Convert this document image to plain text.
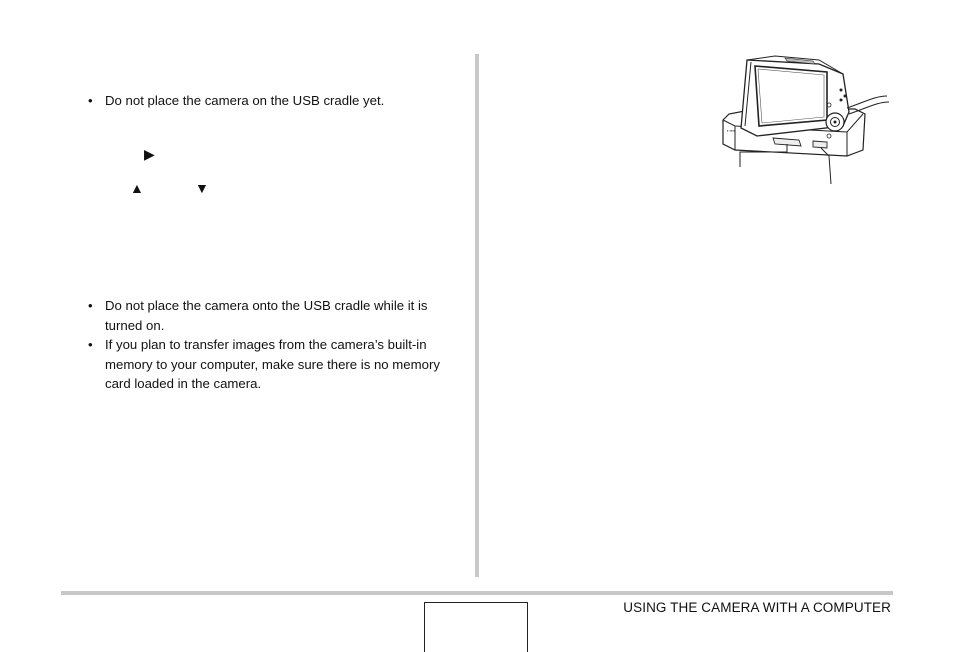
• Do not place the camera on the USB cradle yet.
▶
▲	▼
• Do not place the camera onto the USB cradle while it is turned on.
• If you plan to transfer images from the camera’s built-in memory to your computer, make sure there is no memory card loaded in the camera.
▪ ▪▪▪▪
USING THE CAMERA WITH A COMPUTER
